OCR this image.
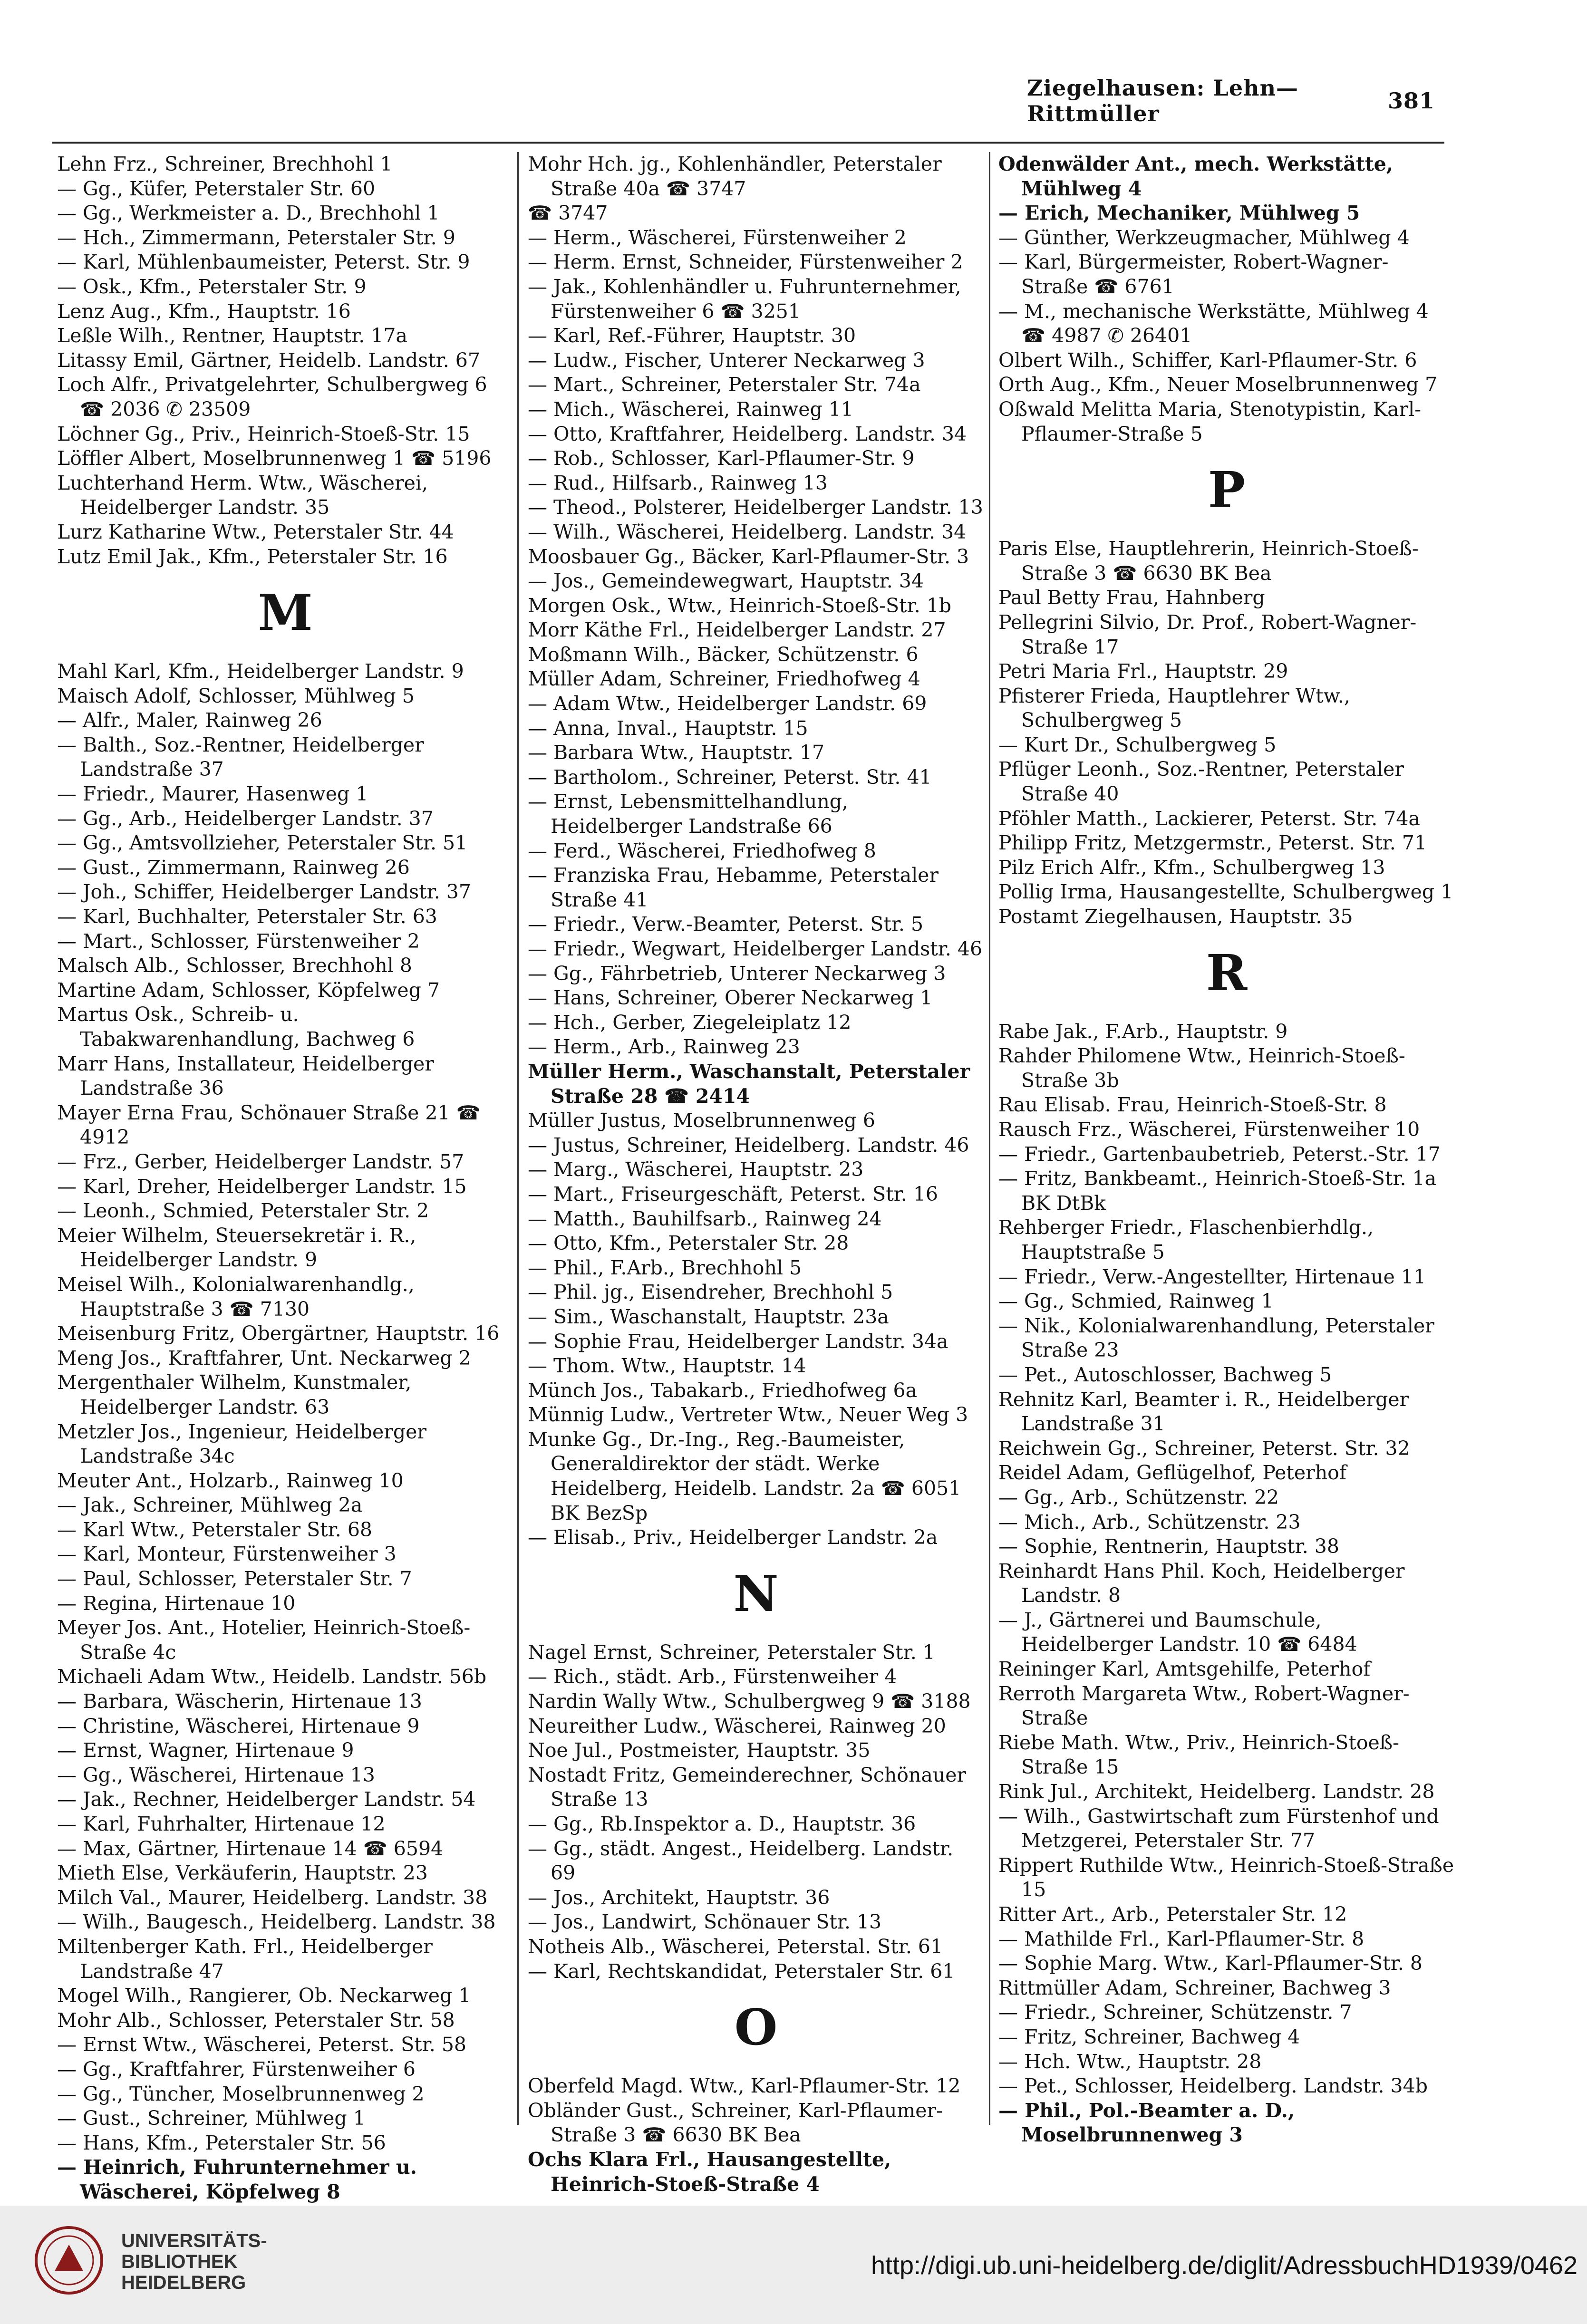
Ziegelhausen: Lehn—Rittmüller	381
Lehn Frz., Schreiner, Brechhohl 1
— Gg., Küfer, Peterstaler Str. 60
— Gg., Werkmeister a. D., Brechhohl 1
— Hch., Zimmermann, Peterstaler Str. 9
— Karl, Mühlenbaumeister, Peterst. Str. 9
— Osk., Kfm., Peterstaler Str. 9
Lenz Aug., Kfm., Hauptstr. 16
Leßle Wilh., Rentner, Hauptstr. 17a
Litassy Emil, Gärtner, Heidelb. Landstr. 67
Loch Alfr., Privatgelehrter, Schulbergweg 6 ☎ 2036 ✆ 23509
Löchner Gg., Priv., Heinrich-Stoeß-Str. 15
Löffler Albert, Moselbrunnenweg 1 ☎ 5196
Luchterhand Herm. Wtw., Wäscherei, Heidelberger Landstr. 35
Lurz Katharine Wtw., Peterstaler Str. 44
Lutz Emil Jak., Kfm., Peterstaler Str. 16
M
Mahl Karl, Kfm., Heidelberger Landstr. 9
Maisch Adolf, Schlosser, Mühlweg 5
— Alfr., Maler, Rainweg 26
— Balth., Soz.-Rentner, Heidelberger Landstraße 37
— Friedr., Maurer, Hasenweg 1
— Gg., Arb., Heidelberger Landstr. 37
— Gg., Amtsvollzieher, Peterstaler Str. 51
— Gust., Zimmermann, Rainweg 26
— Joh., Schiffer, Heidelberger Landstr. 37
— Karl, Buchhalter, Peterstaler Str. 63
— Mart., Schlosser, Fürstenweiher 2
Malsch Alb., Schlosser, Brechhohl 8
Martine Adam, Schlosser, Köpfelweg 7
Martus Osk., Schreib- u. Tabakwarenhandlung, Bachweg 6
Marr Hans, Installateur, Heidelberger Landstraße 36
Mayer Erna Frau, Schönauer Straße 21 ☎ 4912
— Frz., Gerber, Heidelberger Landstr. 57
— Karl, Dreher, Heidelberger Landstr. 15
— Leonh., Schmied, Peterstaler Str. 2
Meier Wilhelm, Steuersekretär i. R., Heidelberger Landstr. 9
Meisel Wilh., Kolonialwarenhandlg., Hauptstraße 3 ☎ 7130
Meisenburg Fritz, Obergärtner, Hauptstr. 16
Meng Jos., Kraftfahrer, Unt. Neckarweg 2
Mergenthaler Wilhelm, Kunstmaler, Heidelberger Landstr. 63
Metzler Jos., Ingenieur, Heidelberger Landstraße 34c
Meuter Ant., Holzarb., Rainweg 10
— Jak., Schreiner, Mühlweg 2a
— Karl Wtw., Peterstaler Str. 68
— Karl, Monteur, Fürstenweiher 3
— Paul, Schlosser, Peterstaler Str. 7
— Regina, Hirtenaue 10
Meyer Jos. Ant., Hotelier, Heinrich-Stoeß-Straße 4c
Michaeli Adam Wtw., Heidelb. Landstr. 56b
— Barbara, Wäscherin, Hirtenaue 13
— Christine, Wäscherei, Hirtenaue 9
— Ernst, Wagner, Hirtenaue 9
— Gg., Wäscherei, Hirtenaue 13
— Jak., Rechner, Heidelberger Landstr. 54
— Karl, Fuhrhalter, Hirtenaue 12
— Max, Gärtner, Hirtenaue 14 ☎ 6594
Mieth Else, Verkäuferin, Hauptstr. 23
Milch Val., Maurer, Heidelberg. Landstr. 38
— Wilh., Baugesch., Heidelberg. Landstr. 38
Miltenberger Kath. Frl., Heidelberger Landstraße 47
Mogel Wilh., Rangierer, Ob. Neckarweg 1
Mohr Alb., Schlosser, Peterstaler Str. 58
— Ernst Wtw., Wäscherei, Peterst. Str. 58
— Gg., Kraftfahrer, Fürstenweiher 6
— Gg., Tüncher, Moselbrunnenweg 2
— Gust., Schreiner, Mühlweg 1
— Hans, Kfm., Peterstaler Str. 56
— Heinrich, Fuhrunternehmer u. Wäscherei, Köpfelweg 8
Mohr Hch. jg., Kohlenhändler, Peterstaler Straße 40a ☎ 3747
☎ 3747
— Herm., Wäscherei, Fürstenweiher 2
— Herm. Ernst, Schneider, Fürstenweiher 2
— Jak., Kohlenhändler u. Fuhrunternehmer, Fürstenweiher 6 ☎ 3251
— Karl, Ref.-Führer, Hauptstr. 30
— Ludw., Fischer, Unterer Neckarweg 3
— Mart., Schreiner, Peterstaler Str. 74a
— Mich., Wäscherei, Rainweg 11
— Otto, Kraftfahrer, Heidelberg. Landstr. 34
— Rob., Schlosser, Karl-Pflaumer-Str. 9
— Rud., Hilfsarb., Rainweg 13
— Theod., Polsterer, Heidelberger Landstr. 13
— Wilh., Wäscherei, Heidelberg. Landstr. 34
Moosbauer Gg., Bäcker, Karl-Pflaumer-Str. 3
— Jos., Gemeindewegwart, Hauptstr. 34
Morgen Osk., Wtw., Heinrich-Stoeß-Str. 1b
Morr Käthe Frl., Heidelberger Landstr. 27
Moßmann Wilh., Bäcker, Schützenstr. 6
Müller Adam, Schreiner, Friedhofweg 4
— Adam Wtw., Heidelberger Landstr. 69
— Anna, Inval., Hauptstr. 15
— Barbara Wtw., Hauptstr. 17
— Bartholom., Schreiner, Peterst. Str. 41
— Ernst, Lebensmittelhandlung, Heidelberger Landstraße 66
— Ferd., Wäscherei, Friedhofweg 8
— Franziska Frau, Hebamme, Peterstaler Straße 41
— Friedr., Verw.-Beamter, Peterst. Str. 5
— Friedr., Wegwart, Heidelberger Landstr. 46
— Gg., Fährbetrieb, Unterer Neckarweg 3
— Hans, Schreiner, Oberer Neckarweg 1
— Hch., Gerber, Ziegeleiplatz 12
— Herm., Arb., Rainweg 23
Müller Herm., Waschanstalt, Peterstaler Straße 28 ☎ 2414
Müller Justus, Moselbrunnenweg 6
— Justus, Schreiner, Heidelberg. Landstr. 46
— Marg., Wäscherei, Hauptstr. 23
— Mart., Friseurgeschäft, Peterst. Str. 16
— Matth., Bauhilfsarb., Rainweg 24
— Otto, Kfm., Peterstaler Str. 28
— Phil., F.Arb., Brechhohl 5
— Phil. jg., Eisendreher, Brechhohl 5
— Sim., Waschanstalt, Hauptstr. 23a
— Sophie Frau, Heidelberger Landstr. 34a
— Thom. Wtw., Hauptstr. 14
Münch Jos., Tabakarb., Friedhofweg 6a
Münnig Ludw., Vertreter Wtw., Neuer Weg 3
Munke Gg., Dr.-Ing., Reg.-Baumeister, Generaldirektor der städt. Werke Heidelberg, Heidelb. Landstr. 2a ☎ 6051 BK BezSp
— Elisab., Priv., Heidelberger Landstr. 2a
N
Nagel Ernst, Schreiner, Peterstaler Str. 1
— Rich., städt. Arb., Fürstenweiher 4
Nardin Wally Wtw., Schulbergweg 9 ☎ 3188
Neureither Ludw., Wäscherei, Rainweg 20
Noe Jul., Postmeister, Hauptstr. 35
Nostadt Fritz, Gemeinderechner, Schönauer Straße 13
— Gg., Rb.Inspektor a. D., Hauptstr. 36
— Gg., städt. Angest., Heidelberg. Landstr. 69
— Jos., Architekt, Hauptstr. 36
— Jos., Landwirt, Schönauer Str. 13
Notheis Alb., Wäscherei, Peterstal. Str. 61
— Karl, Rechtskandidat, Peterstaler Str. 61
O
Oberfeld Magd. Wtw., Karl-Pflaumer-Str. 12
Obländer Gust., Schreiner, Karl-Pflaumer-Straße 3 ☎ 6630 BK Bea
Ochs Klara Frl., Hausangestellte, Heinrich-Stoeß-Straße 4
Odenwälder Ant., mech. Werkstätte, Mühlweg 4
— Erich, Mechaniker, Mühlweg 5
— Günther, Werkzeugmacher, Mühlweg 4
— Karl, Bürgermeister, Robert-Wagner-Straße ☎ 6761
— M., mechanische Werkstätte, Mühlweg 4 ☎ 4987 ✆ 26401
Olbert Wilh., Schiffer, Karl-Pflaumer-Str. 6
Orth Aug., Kfm., Neuer Moselbrunnenweg 7
Oßwald Melitta Maria, Stenotypistin, Karl-Pflaumer-Straße 5
P
Paris Else, Hauptlehrerin, Heinrich-Stoeß-Straße 3 ☎ 6630 BK Bea
Paul Betty Frau, Hahnberg
Pellegrini Silvio, Dr. Prof., Robert-Wagner-Straße 17
Petri Maria Frl., Hauptstr. 29
Pfisterer Frieda, Hauptlehrer Wtw., Schulbergweg 5
— Kurt Dr., Schulbergweg 5
Pflüger Leonh., Soz.-Rentner, Peterstaler Straße 40
Pföhler Matth., Lackierer, Peterst. Str. 74a
Philipp Fritz, Metzgermstr., Peterst. Str. 71
Pilz Erich Alfr., Kfm., Schulbergweg 13
Pollig Irma, Hausangestellte, Schulbergweg 1
Postamt Ziegelhausen, Hauptstr. 35
R
Rabe Jak., F.Arb., Hauptstr. 9
Rahder Philomene Wtw., Heinrich-Stoeß-Straße 3b
Rau Elisab. Frau, Heinrich-Stoeß-Str. 8
Rausch Frz., Wäscherei, Fürstenweiher 10
— Friedr., Gartenbaubetrieb, Peterst.-Str. 17
— Fritz, Bankbeamt., Heinrich-Stoeß-Str. 1a BK DtBk
Rehberger Friedr., Flaschenbierhdlg., Hauptstraße 5
— Friedr., Verw.-Angestellter, Hirtenaue 11
— Gg., Schmied, Rainweg 1
— Nik., Kolonialwarenhandlung, Peterstaler Straße 23
— Pet., Autoschlosser, Bachweg 5
Rehnitz Karl, Beamter i. R., Heidelberger Landstraße 31
Reichwein Gg., Schreiner, Peterst. Str. 32
Reidel Adam, Geflügelhof, Peterhof
— Gg., Arb., Schützenstr. 22
— Mich., Arb., Schützenstr. 23
— Sophie, Rentnerin, Hauptstr. 38
Reinhardt Hans Phil. Koch, Heidelberger Landstr. 8
— J., Gärtnerei und Baumschule, Heidelberger Landstr. 10 ☎ 6484
Reininger Karl, Amtsgehilfe, Peterhof
Rerroth Margareta Wtw., Robert-Wagner-Straße
Riebe Math. Wtw., Priv., Heinrich-Stoeß-Straße 15
Rink Jul., Architekt, Heidelberg. Landstr. 28
— Wilh., Gastwirtschaft zum Fürstenhof und Metzgerei, Peterstaler Str. 77
Rippert Ruthilde Wtw., Heinrich-Stoeß-Straße 15
Ritter Art., Arb., Peterstaler Str. 12
— Mathilde Frl., Karl-Pflaumer-Str. 8
— Sophie Marg. Wtw., Karl-Pflaumer-Str. 8
Rittmüller Adam, Schreiner, Bachweg 3
— Friedr., Schreiner, Schützenstr. 7
— Fritz, Schreiner, Bachweg 4
— Hch. Wtw., Hauptstr. 28
— Pet., Schlosser, Heidelberg. Landstr. 34b
— Phil., Pol.-Beamter a. D., Moselbrunnenweg 3
UNIVERSITÄTS-
BIBLIOTHEK
HEIDELBERG
http://digi.ub.uni-heidelberg.de/diglit/AdressbuchHD1939/0462
